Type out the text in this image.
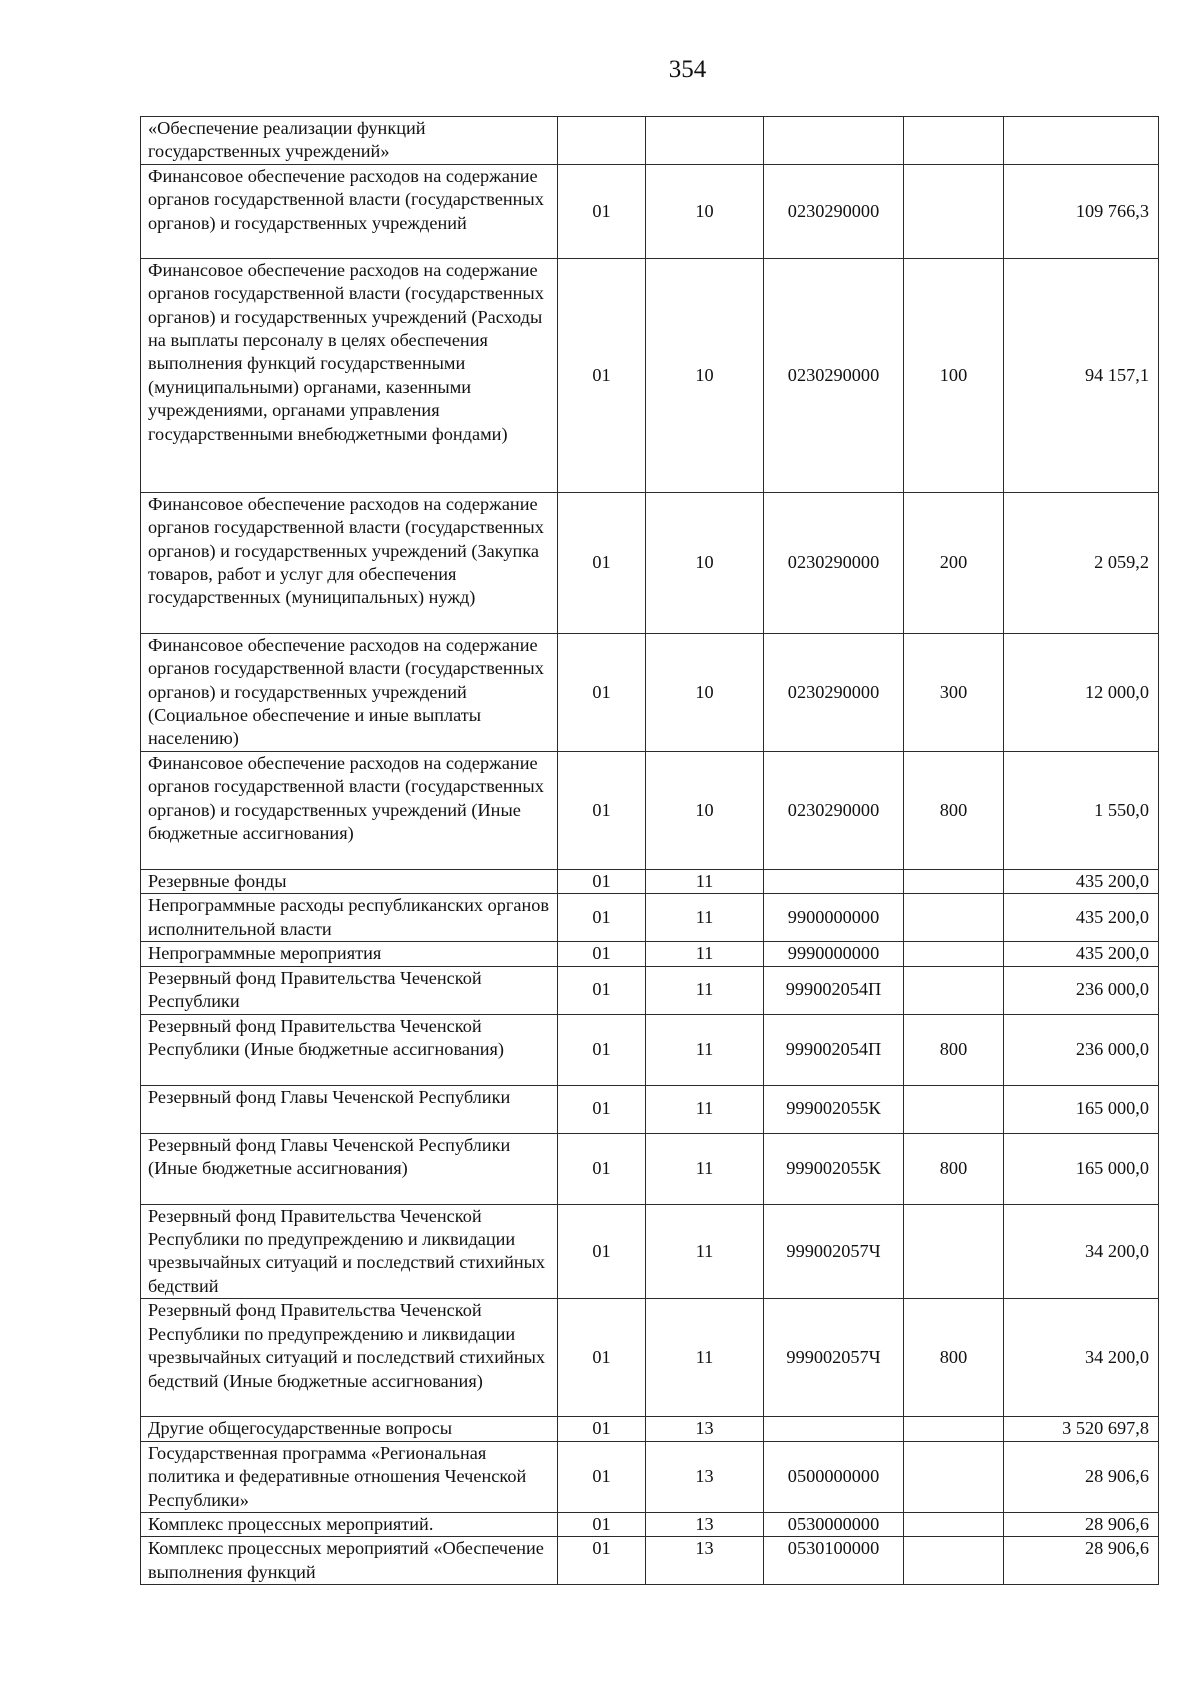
354
«Обеспечение реализации функций государственных учреждений»					
Финансовое обеспечение расходов на содержание органов государственной власти (государственных органов) и государственных учреждений	01	10	0230290000		109 766,3
Финансовое обеспечение расходов на содержание органов государственной власти (государственных органов) и государственных учреждений (Расходы на выплаты персоналу в целях обеспечения выполнения функций государственными (муниципальными) органами, казенными учреждениями, органами управления государственными внебюджетными фондами)	01	10	0230290000	100	94 157,1
Финансовое обеспечение расходов на содержание органов государственной власти (государственных органов) и государственных учреждений (Закупка товаров, работ и услуг для обеспечения государственных (муниципальных) нужд)	01	10	0230290000	200	2 059,2
Финансовое обеспечение расходов на содержание органов государственной власти (государственных органов) и государственных учреждений (Социальное обеспечение и иные выплаты населению)	01	10	0230290000	300	12 000,0
Финансовое обеспечение расходов на содержание органов государственной власти (государственных органов) и государственных учреждений (Иные бюджетные ассигнования)	01	10	0230290000	800	1 550,0
Резервные фонды	01	11			435 200,0
Непрограммные расходы республиканских органов исполнительной власти	01	11	9900000000		435 200,0
Непрограммные мероприятия	01	11	9990000000		435 200,0
Резервный фонд Правительства Чеченской Республики	01	11	999002054П		236 000,0
Резервный фонд Правительства Чеченской Республики (Иные бюджетные ассигнования)	01	11	999002054П	800	236 000,0
Резервный фонд Главы Чеченской Республики	01	11	999002055К		165 000,0
Резервный фонд Главы Чеченской Республики (Иные бюджетные ассигнования)	01	11	999002055К	800	165 000,0
Резервный фонд Правительства Чеченской Республики по предупреждению и ликвидации чрезвычайных ситуаций и последствий стихийных бедствий	01	11	999002057Ч		34 200,0
Резервный фонд Правительства Чеченской Республики по предупреждению и ликвидации чрезвычайных ситуаций и последствий стихийных бедствий (Иные бюджетные ассигнования)	01	11	999002057Ч	800	34 200,0
Другие общегосударственные вопросы	01	13			3 520 697,8
Государственная программа «Региональная политика и федеративные отношения Чеченской Республики»	01	13	0500000000		28 906,6
Комплекс процессных мероприятий.	01	13	0530000000		28 906,6
Комплекс процессных мероприятий «Обеспечение выполнения функций	01	13	0530100000		28 906,6
